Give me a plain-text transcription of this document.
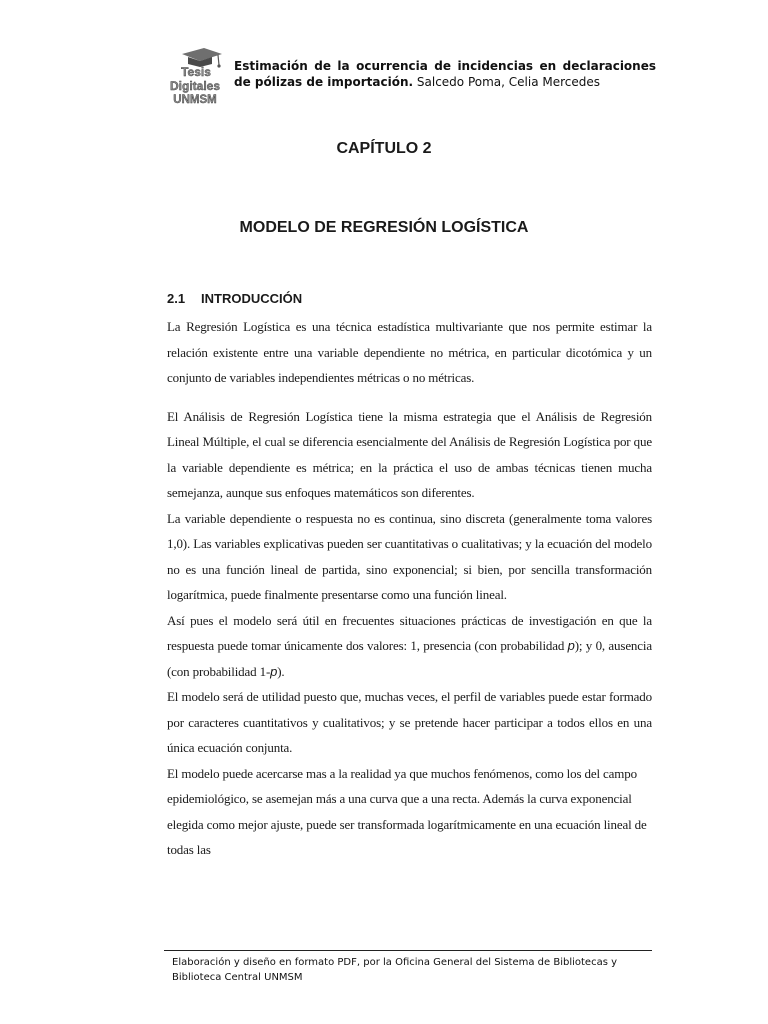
Tesis
Digitales
UNMSM
Estimación de la ocurrencia de incidencias en declaraciones de pólizas de importación. Salcedo Poma, Celia Mercedes
CAPÍTULO 2
MODELO DE REGRESIÓN LOGÍSTICA
2.1 INTRODUCCIÓN

La Regresión Logística es una técnica estadística multivariante que nos permite estimar la relación existente entre una variable dependiente no métrica, en particular dicotómica y un conjunto de variables independientes métricas o no métricas.

El Análisis de Regresión Logística tiene la misma estrategia que el Análisis de Regresión Lineal Múltiple, el cual se diferencia esencialmente del Análisis de Regresión Logística por que la variable dependiente es métrica; en la práctica el uso de ambas técnicas tienen mucha semejanza, aunque sus enfoques matemáticos son diferentes.

La variable dependiente o respuesta no es continua, sino discreta (generalmente toma valores 1,0). Las variables explicativas pueden ser cuantitativas o cualitativas; y la ecuación del modelo no es una función lineal de partida, sino exponencial; si bien, por sencilla transformación logarítmica, puede finalmente presentarse como una función lineal.

Así pues el modelo será útil en frecuentes situaciones prácticas de investigación en que la respuesta puede tomar únicamente dos valores: 1, presencia (con probabilidad p); y 0, ausencia (con probabilidad 1-p).

El modelo será de utilidad puesto que, muchas veces, el perfil de variables puede estar formado por caracteres cuantitativos y cualitativos; y se pretende hacer participar a todos ellos en una única ecuación conjunta.

El modelo puede acercarse mas a la realidad ya que muchos fenómenos, como los del campo epidemiológico, se asemejan más a una curva que a una recta. Además la curva exponencial elegida como mejor ajuste, puede ser transformada logarítmicamente en una ecuación lineal de todas las

Elaboración y diseño en formato PDF, por la Oficina General del Sistema de Bibliotecas y Biblioteca Central UNMSM
